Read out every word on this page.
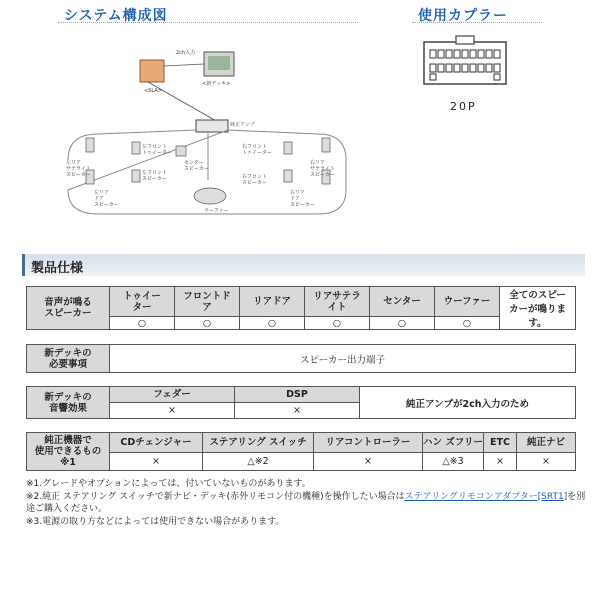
システム構成図	使用カプラー
2ch入力
<SLA>
<新デッキ>
純正アンプ
左フロント
トゥイーター
左フロント
スピーカー
センター
スピーカー
右フロント
トゥイーター
右フロント
スピーカー
左リア
サテライト
スピーカー
左リア
ドア
スピーカー
ウーファー
右リア
サテライト
スピーカー
右リア
ドア
スピーカー
20P
製品仕様
音声が鳴る
スピーカー	トゥイー
ター	フロントド
ア	リアドア	リアサテラ
イト	センター	ウーファー	全てのスピー
カーが鳴りま
す。
	○	○	○	○	○	○	
新デッキの
必要事項	スピーカー出力端子
新デッキの
音響効果	フェダー	DSP	純正アンプが2ch入力のため
	×	×	
純正機器で
使用できるもの
※1	CDチェンジャー	ステアリング スイッチ	リアコントローラー	ハン ズフリー	ETC	純正ナビ
	×	△※2	×	△※3	×	×
※1.グレードやオプションによっては、付いていないものがあります。
※2.純正 ステアリング スイッチで新ナビ・デッキ(赤外リモコン付の機種)を操作したい場合はステアリングリモコンアダプター[SRT1]を別途ご購入ください。
※3.電源の取り方などによっては使用できない場合があります。
